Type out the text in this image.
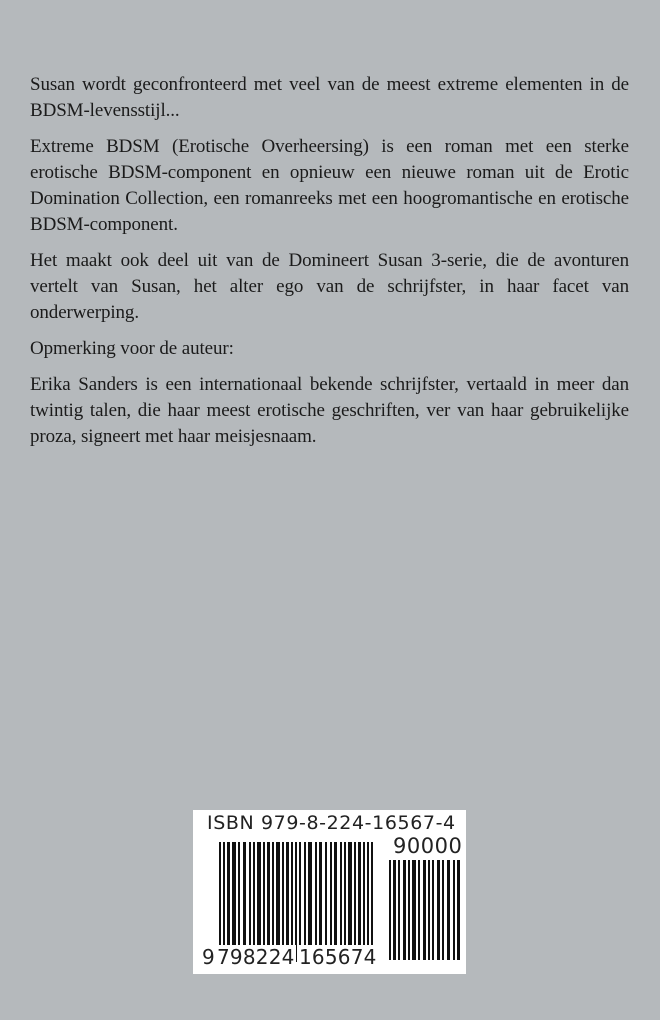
Susan wordt geconfronteerd met veel van de meest extreme elementen in de BDSM-levensstijl...

Extreme BDSM (Erotische Overheersing) is een roman met een sterke erotische BDSM-component en opnieuw een nieuwe roman uit de Erotic Domination Collection, een romanreeks met een hoogromantische en erotische BDSM-component.

Het maakt ook deel uit van de Domineert Susan 3-serie, die de avonturen vertelt van Susan, het alter ego van de schrijfster, in haar facet van onderwerping.

Opmerking voor de auteur:

Erika Sanders is een internationaal bekende schrijfster, vertaald in meer dan twintig talen, die haar meest erotische geschriften, ver van haar gebruikelijke proza, signeert met haar meisjesnaam.

ISBN 979-8-224-16567-4
90000
9 798224 165674
